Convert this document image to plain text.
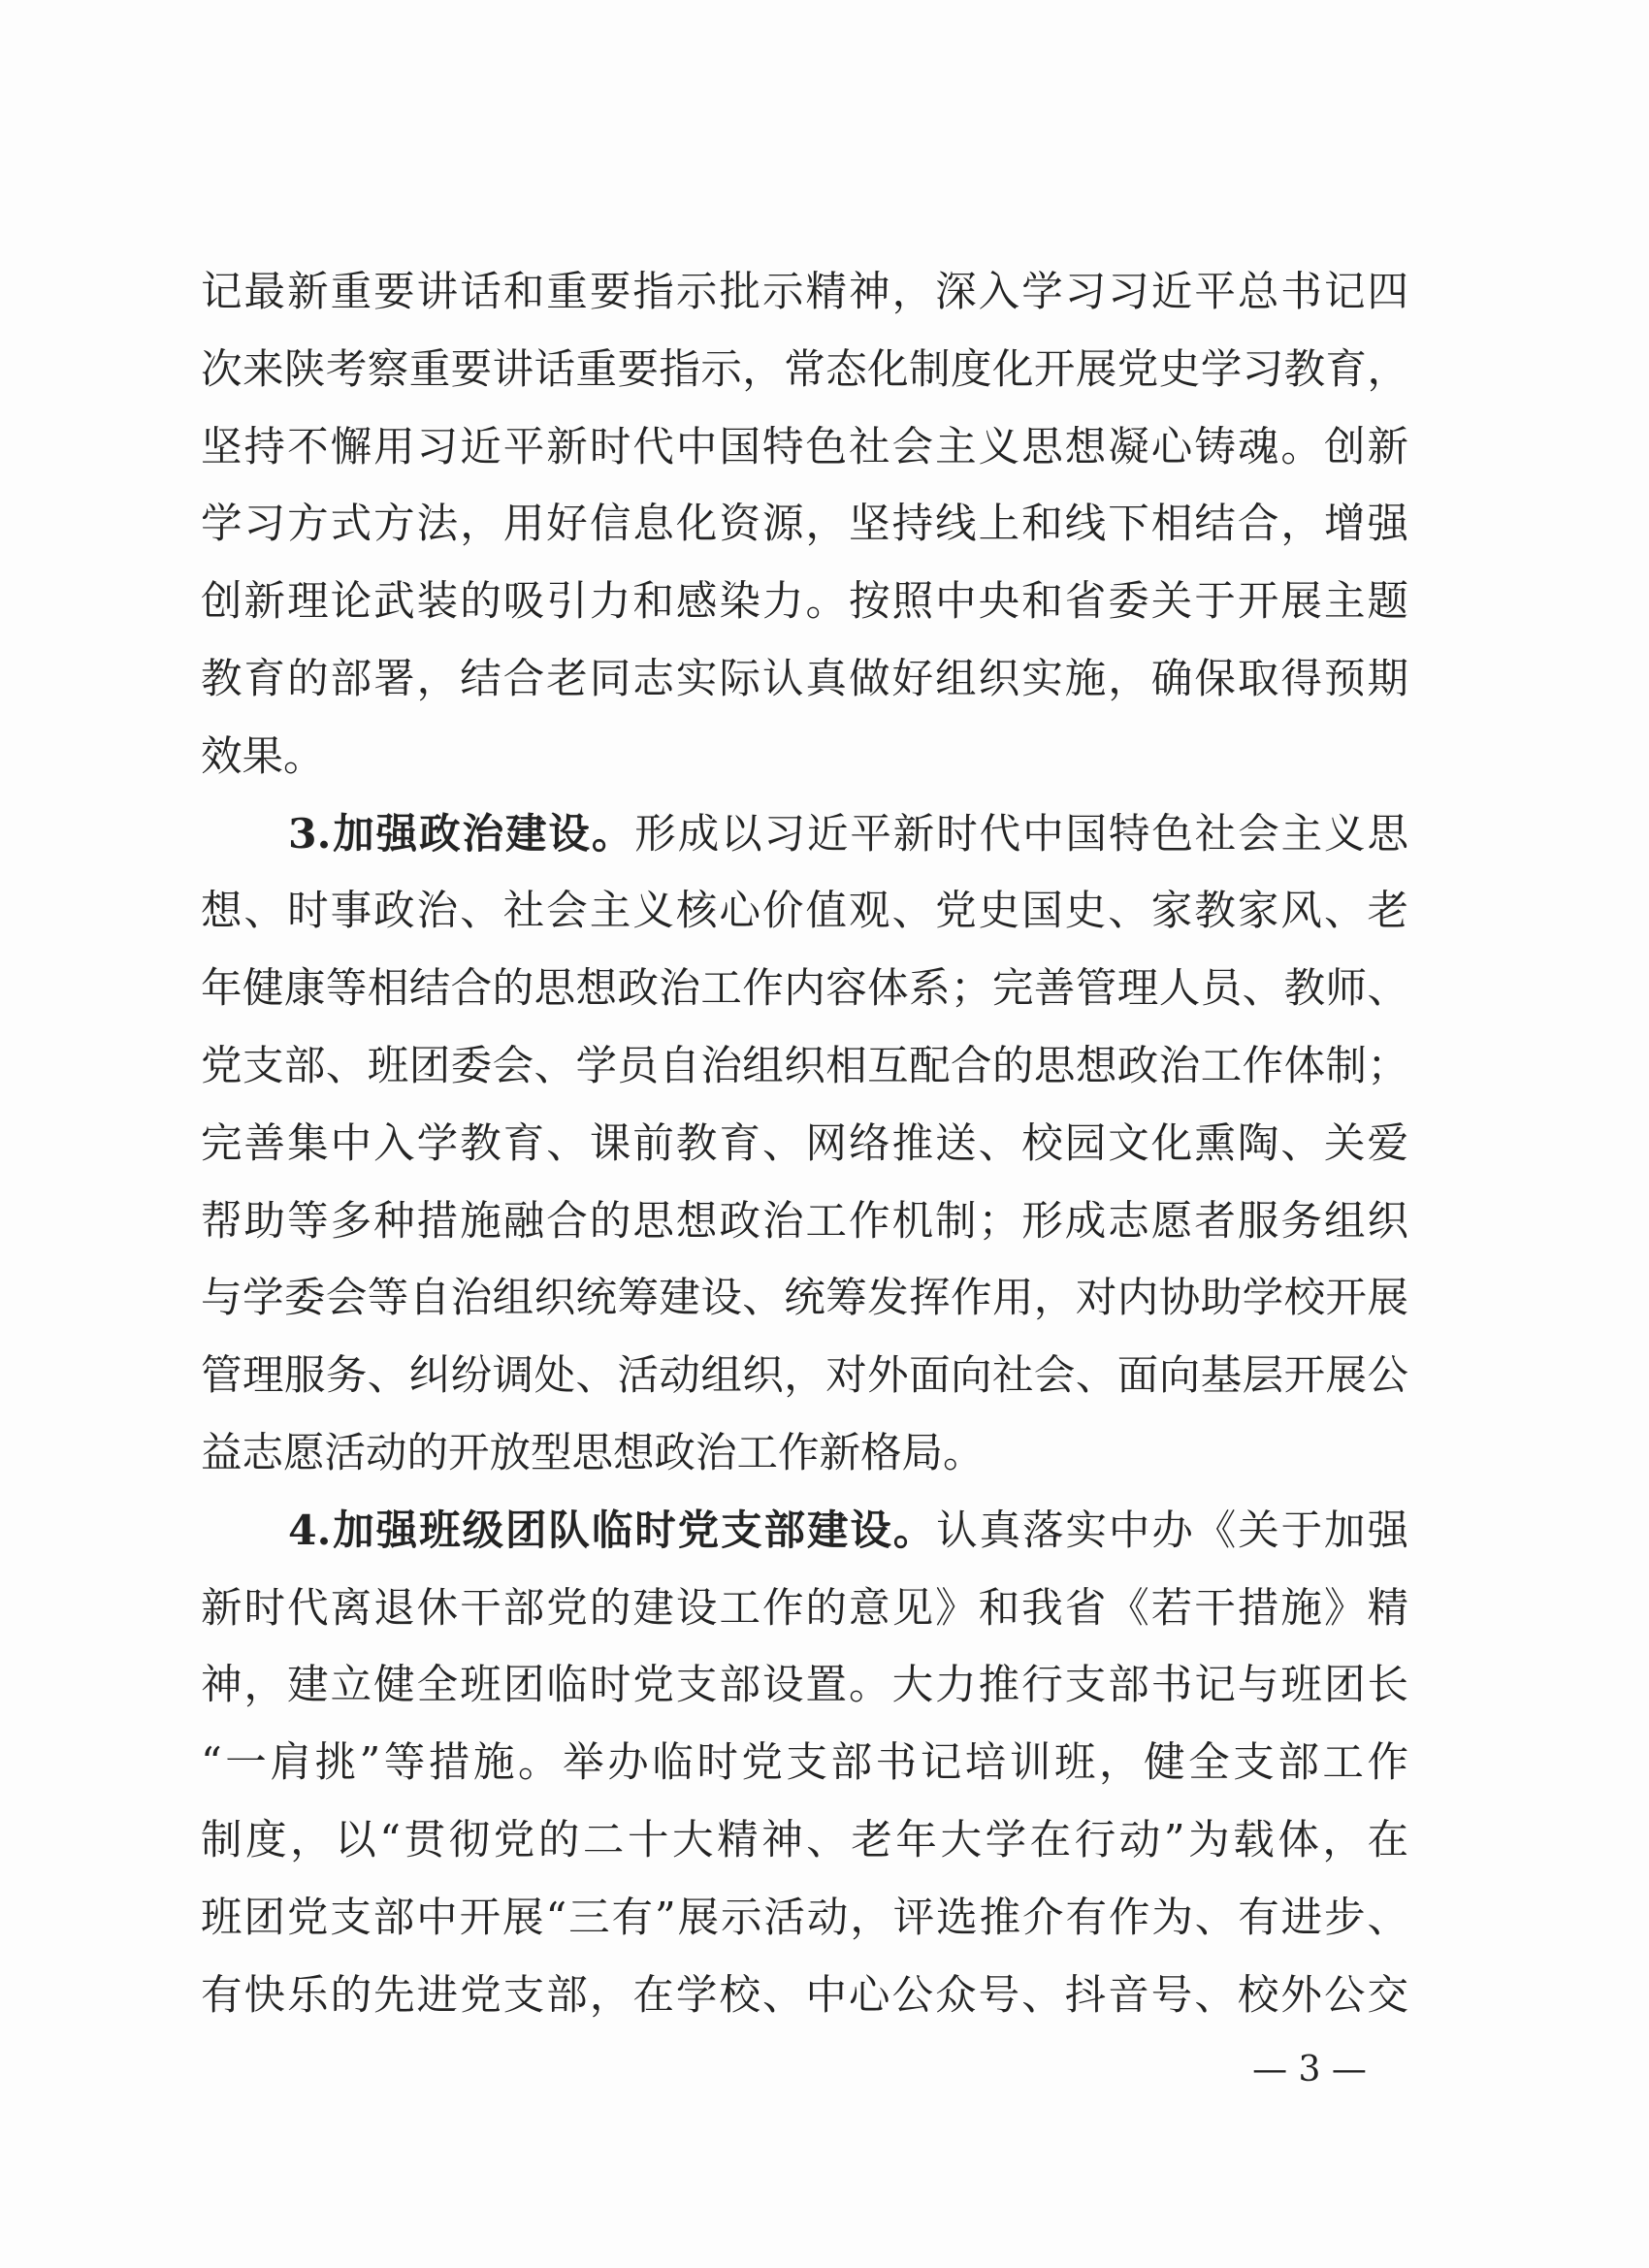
记最新重要讲话和重要指示批示精神，深入学习习近平总书记四
次来陕考察重要讲话重要指示，常态化制度化开展党史学习教育，
坚持不懈用习近平新时代中国特色社会主义思想凝心铸魂。创新
学习方式方法，用好信息化资源，坚持线上和线下相结合，增强
创新理论武装的吸引力和感染力。按照中央和省委关于开展主题
教育的部署，结合老同志实际认真做好组织实施，确保取得预期
效果。
3.加强政治建设。形成以习近平新时代中国特色社会主义思
想、时事政治、社会主义核心价值观、党史国史、家教家风、老
年健康等相结合的思想政治工作内容体系；完善管理人员、教师、
党支部、班团委会、学员自治组织相互配合的思想政治工作体制；
完善集中入学教育、课前教育、网络推送、校园文化熏陶、关爱
帮助等多种措施融合的思想政治工作机制；形成志愿者服务组织
与学委会等自治组织统筹建设、统筹发挥作用，对内协助学校开展
管理服务、纠纷调处、活动组织，对外面向社会、面向基层开展公
益志愿活动的开放型思想政治工作新格局。
4.加强班级团队临时党支部建设。认真落实中办《关于加强
新时代离退休干部党的建设工作的意见》和我省《若干措施》精
神，建立健全班团临时党支部设置。大力推行支部书记与班团长
“一肩挑”等措施。举办临时党支部书记培训班，健全支部工作
制度，以“贯彻党的二十大精神、老年大学在行动”为载体，在
班团党支部中开展“三有”展示活动，评选推介有作为、有进步、
有快乐的先进党支部，在学校、中心公众号、抖音号、校外公交
— 3 —
